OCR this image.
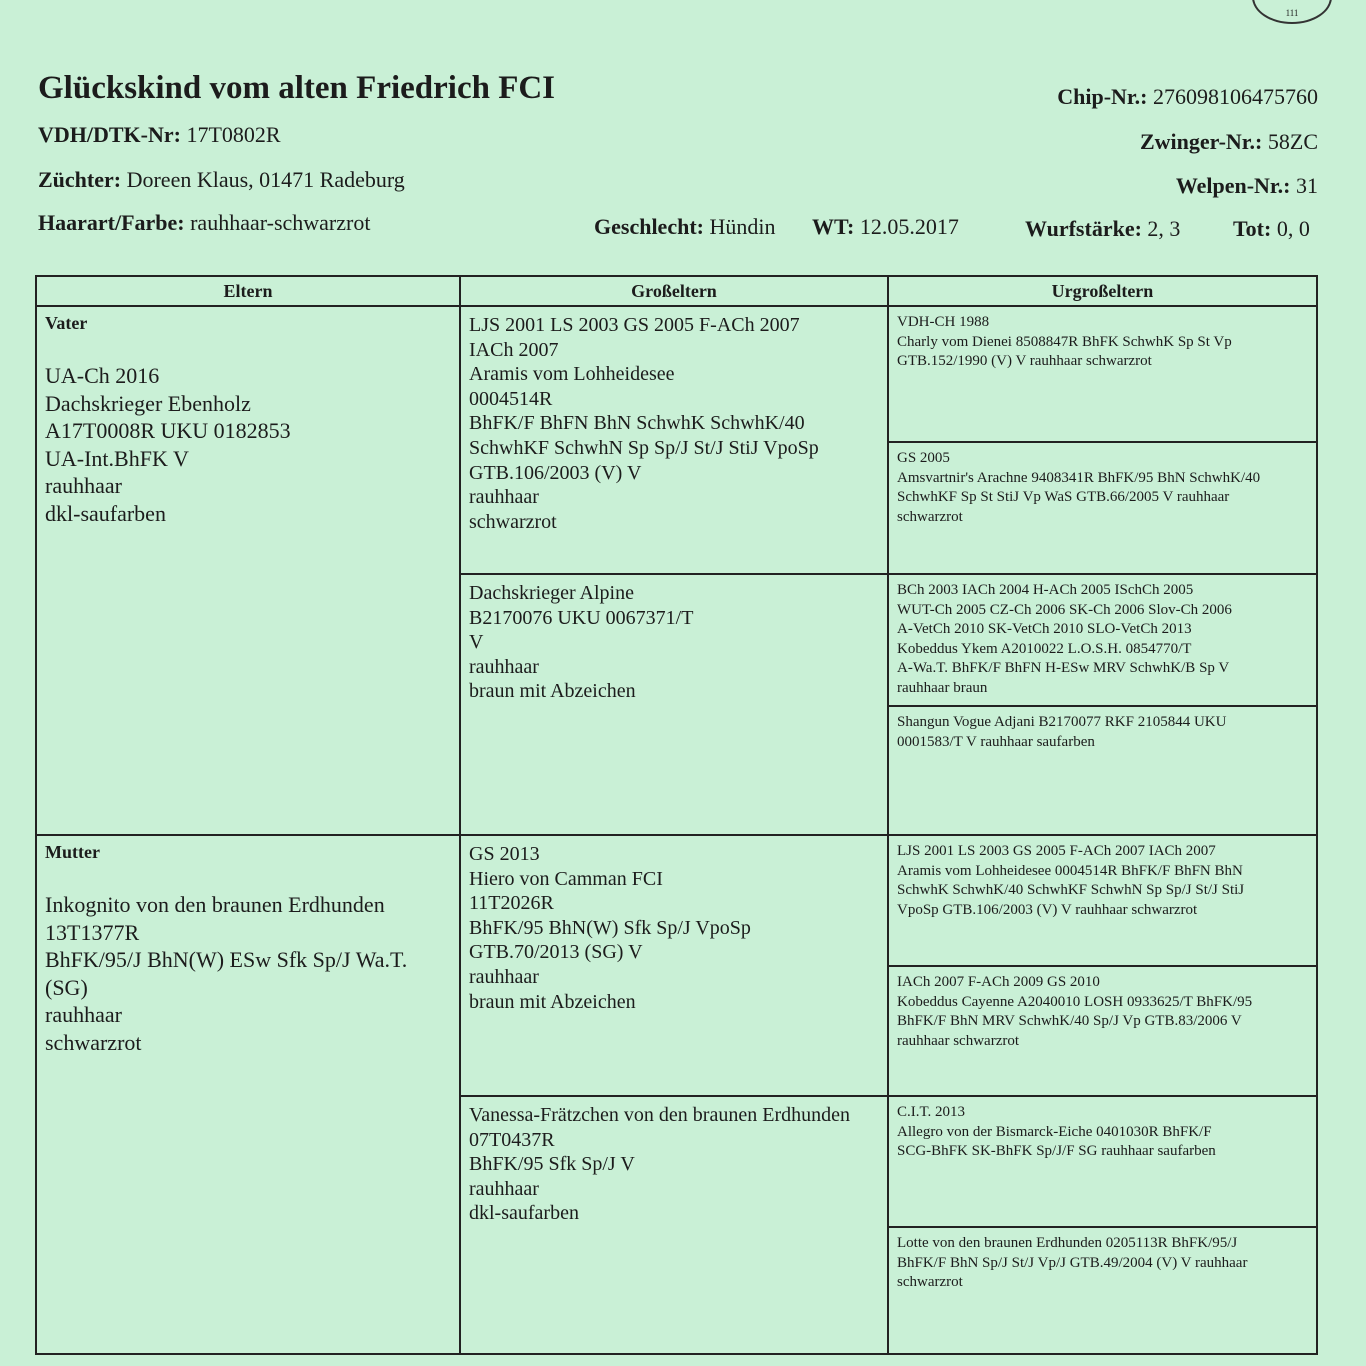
111
Glückskind vom alten Friedrich FCI
VDH/DTK-Nr: 17T0802R
Züchter: Doreen Klaus, 01471 Radeburg
Haarart/Farbe: rauhhaar-schwarzrot	Geschlecht: Hündin WT: 12.05.2017	Wurfstärke: 2, 3 Tot: 0, 0
Chip-Nr.: 276098106475760
Zwinger-Nr.: 58ZC
Welpen-Nr.: 31
Eltern
Vater
UA-Ch 2016
Dachskrieger Ebenholz
A17T0008R UKU 0182853
UA-Int.BhFK V
rauhhaar
dkl-saufarben
Mutter
Inkognito von den braunen Erdhunden
13T1377R
BhFK/95/J BhN(W) ESw Sfk Sp/J Wa.T.
(SG)
rauhhaar
schwarzrot
Großeltern
LJS 2001 LS 2003 GS 2005 F-ACh 2007
IACh 2007
Aramis vom Lohheidesee
0004514R
BhFK/F BhFN BhN SchwhK SchwhK/40
SchwhKF SchwhN Sp Sp/J St/J StiJ VpoSp
GTB.106/2003 (V) V
rauhhaar
schwarzrot
Dachskrieger Alpine
B2170076 UKU 0067371/T
V
rauhhaar
braun mit Abzeichen
GS 2013
Hiero von Camman FCI
11T2026R
BhFK/95 BhN(W) Sfk Sp/J VpoSp
GTB.70/2013 (SG) V
rauhhaar
braun mit Abzeichen
Vanessa-Frätzchen von den braunen Erdhunden
07T0437R
BhFK/95 Sfk Sp/J V
rauhhaar
dkl-saufarben
Urgroßeltern
VDH-CH 1988
Charly vom Dienei 8508847R BhFK SchwhK Sp St Vp
GTB.152/1990 (V) V rauhhaar schwarzrot
GS 2005
Amsvartnir's Arachne 9408341R BhFK/95 BhN SchwhK/40
SchwhKF Sp St StiJ Vp WaS GTB.66/2005 V rauhhaar
schwarzrot
BCh 2003 IACh 2004 H-ACh 2005 ISchCh 2005
WUT-Ch 2005 CZ-Ch 2006 SK-Ch 2006 Slov-Ch 2006
A-VetCh 2010 SK-VetCh 2010 SLO-VetCh 2013
Kobeddus Ykem A2010022 L.O.S.H. 0854770/T
A-Wa.T. BhFK/F BhFN H-ESw MRV SchwhK/B Sp V
rauhhaar braun
Shangun Vogue Adjani B2170077 RKF 2105844 UKU
0001583/T V rauhhaar saufarben
LJS 2001 LS 2003 GS 2005 F-ACh 2007 IACh 2007
Aramis vom Lohheidesee 0004514R BhFK/F BhFN BhN
SchwhK SchwhK/40 SchwhKF SchwhN Sp Sp/J St/J StiJ
VpoSp GTB.106/2003 (V) V rauhhaar schwarzrot
IACh 2007 F-ACh 2009 GS 2010
Kobeddus Cayenne A2040010 LOSH 0933625/T BhFK/95
BhFK/F BhN MRV SchwhK/40 Sp/J Vp GTB.83/2006 V
rauhhaar schwarzrot
C.I.T. 2013
Allegro von der Bismarck-Eiche 0401030R BhFK/F
SCG-BhFK SK-BhFK Sp/J/F SG rauhhaar saufarben
Lotte von den braunen Erdhunden 0205113R BhFK/95/J
BhFK/F BhN Sp/J St/J Vp/J GTB.49/2004 (V) V rauhhaar
schwarzrot
